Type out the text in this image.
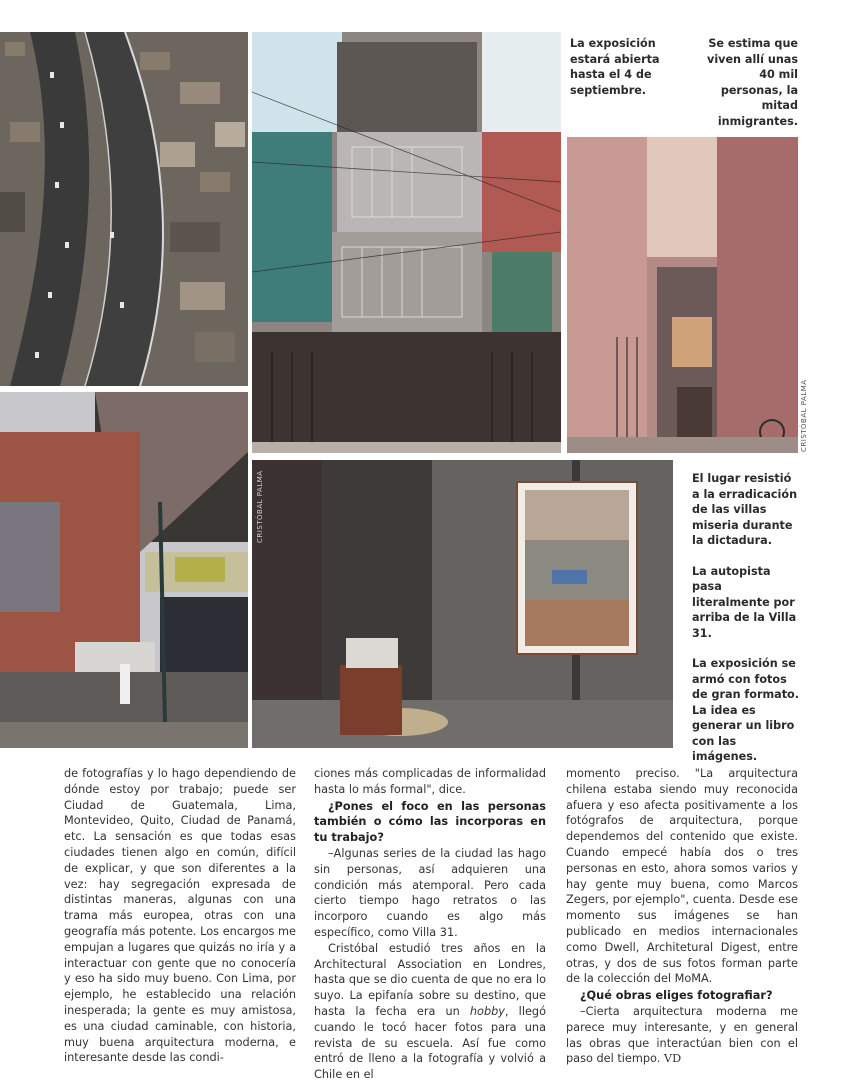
CRISTÓBAL PALMA
CRISTÓBAL PALMA
La exposición estará abierta hasta el 4 de septiembre.
Se estima que viven allí unas 40 mil personas, la mitad inmigrantes.

El lugar resistió a la erradicación de las villas miseria durante la dictadura.

La autopista pasa literalmente por arriba de la Villa 31.

La exposición se armó con fotos de gran formato. La idea es generar un libro con las imágenes.

de fotografías y lo hago dependiendo de dónde estoy por trabajo; puede ser Ciudad de Guatemala, Lima, Montevideo, Quito, Ciudad de Panamá, etc. La sensación es que todas esas ciudades tienen algo en común, difícil de explicar, y que son diferentes a la vez: hay segregación expresada de distintas maneras, algunas con una trama más europea, otras con una geografía más potente. Los encargos me empujan a lugares que quizás no iría y a interactuar con gente que no conocería y eso ha sido muy bueno. Con Lima, por ejemplo, he establecido una relación inesperada; la gente es muy amistosa, es una ciudad caminable, con historia, muy buena arquitectura moderna, e interesante desde las condi-

ciones más complicadas de informalidad hasta lo más formal", dice.

¿Pones el foco en las personas también o cómo las incorporas en tu trabajo?

–Algunas series de la ciudad las hago sin personas, así adquieren una condición más atemporal. Pero cada cierto tiempo hago retratos o las incorporo cuando es algo más específico, como Villa 31.

Cristóbal estudió tres años en la Architectural Association en Londres, hasta que se dio cuenta de que no era lo suyo. La epifanía sobre su destino, que hasta la fecha era un hobby, llegó cuando le tocó hacer fotos para una revista de su escuela. Así fue como entró de lleno a la fotografía y volvió a Chile en el

momento preciso. "La arquitectura chilena estaba siendo muy reconocida afuera y eso afecta positivamente a los fotógrafos de arquitectura, porque dependemos del contenido que existe. Cuando empecé había dos o tres personas en esto, ahora somos varios y hay gente muy buena, como Marcos Zegers, por ejemplo", cuenta. Desde ese momento sus imágenes se han publicado en medios internacionales como Dwell, Architetural Digest, entre otras, y dos de sus fotos forman parte de la colección del MoMA.

¿Qué obras eliges fotografiar?

–Cierta arquitectura moderna me parece muy interesante, y en general las obras que interactúan bien con el paso del tiempo. VD
